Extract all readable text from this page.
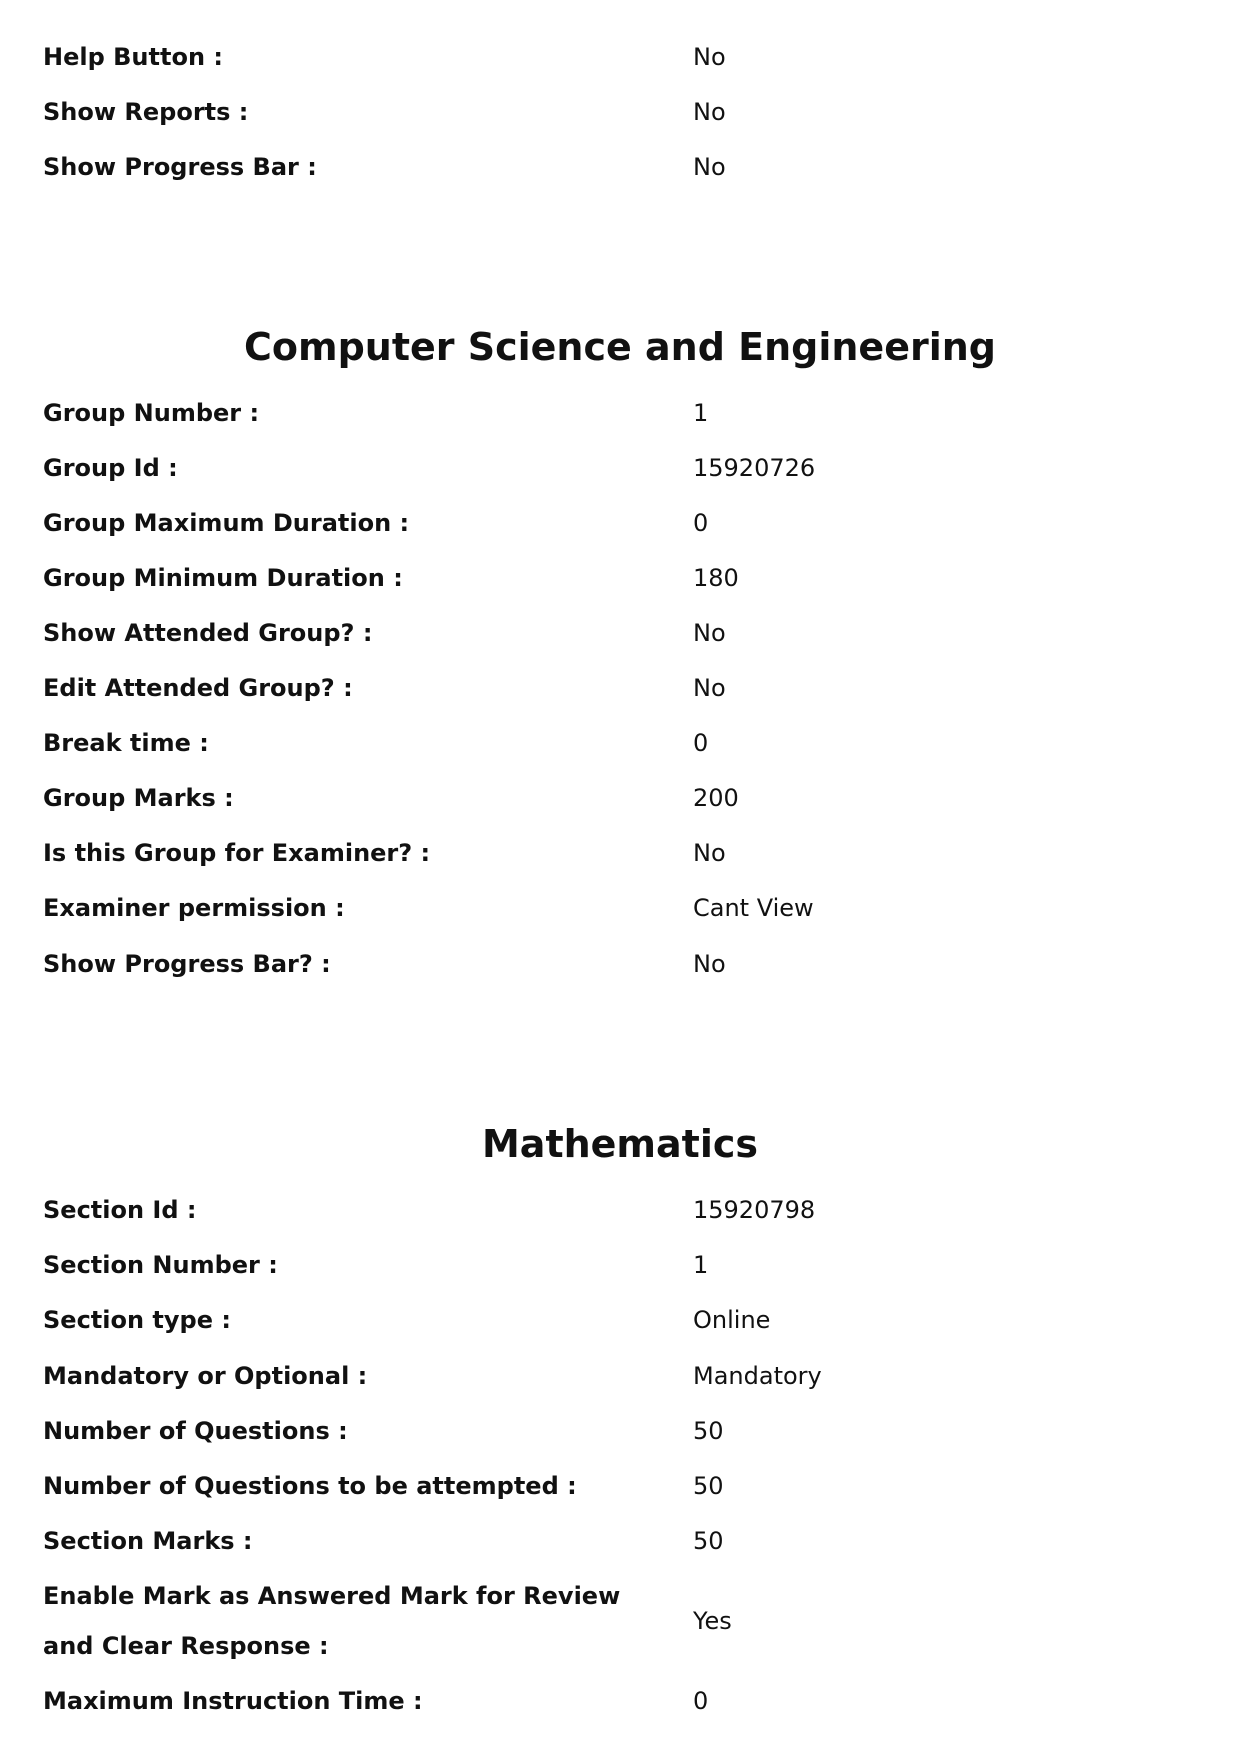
Help Button :	No
Show Reports :	No
Show Progress Bar :	No
Computer Science and Engineering
Group Number :	1
Group Id :	15920726
Group Maximum Duration :	0
Group Minimum Duration :	180
Show Attended Group? :	No
Edit Attended Group? :	No
Break time :	0
Group Marks :	200
Is this Group for Examiner? :	No
Examiner permission :	Cant View
Show Progress Bar? :	No
Mathematics
Section Id :	15920798
Section Number :	1
Section type :	Online
Mandatory or Optional :	Mandatory
Number of Questions :	50
Number of Questions to be attempted :	50
Section Marks :	50
Enable Mark as Answered Mark for Review and Clear Response :
Yes
Maximum Instruction Time :	0
